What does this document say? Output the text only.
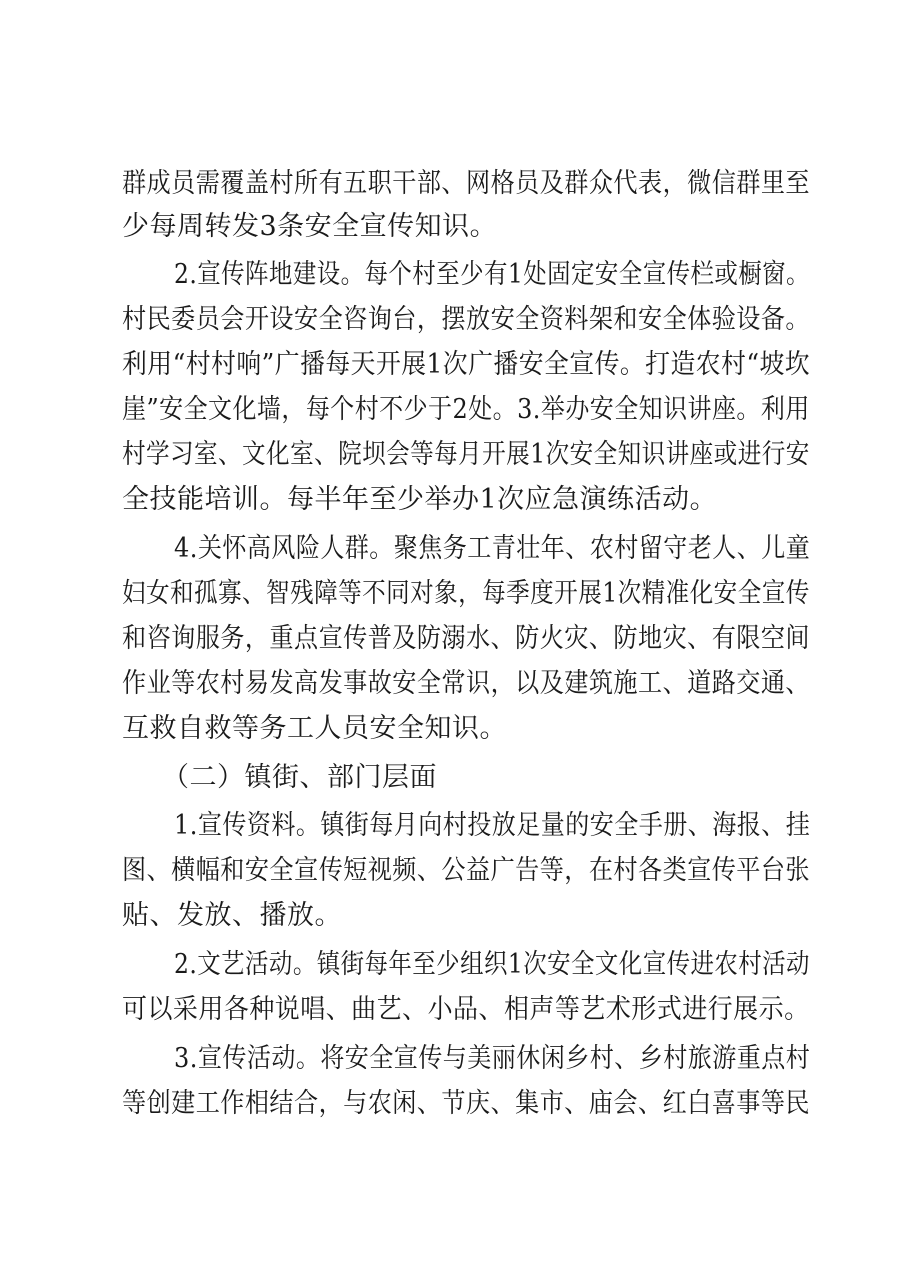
群成员需覆盖村所有五职干部、网格员及群众代表，微信群里至
少每周转发3条安全宣传知识。
2.宣传阵地建设。每个村至少有1处固定安全宣传栏或橱窗。
村民委员会开设安全咨询台，摆放安全资料架和安全体验设备。
利用“村村响”广播每天开展1次广播安全宣传。打造农村“坡坎
崖”安全文化墙，每个村不少于2处。3.举办安全知识讲座。利用
村学习室、文化室、院坝会等每月开展1次安全知识讲座或进行安
全技能培训。每半年至少举办1次应急演练活动。
4.关怀高风险人群。聚焦务工青壮年、农村留守老人、儿童
妇女和孤寡、智残障等不同对象，每季度开展1次精准化安全宣传
和咨询服务，重点宣传普及防溺水、防火灾、防地灾、有限空间
作业等农村易发高发事故安全常识，以及建筑施工、道路交通、
互救自救等务工人员安全知识。
（二）镇街、部门层面
1.宣传资料。镇街每月向村投放足量的安全手册、海报、挂
图、横幅和安全宣传短视频、公益广告等，在村各类宣传平台张
贴、发放、播放。
2.文艺活动。镇街每年至少组织1次安全文化宣传进农村活动
可以采用各种说唱、曲艺、小品、相声等艺术形式进行展示。
3.宣传活动。将安全宣传与美丽休闲乡村、乡村旅游重点村
等创建工作相结合，与农闲、节庆、集市、庙会、红白喜事等民
